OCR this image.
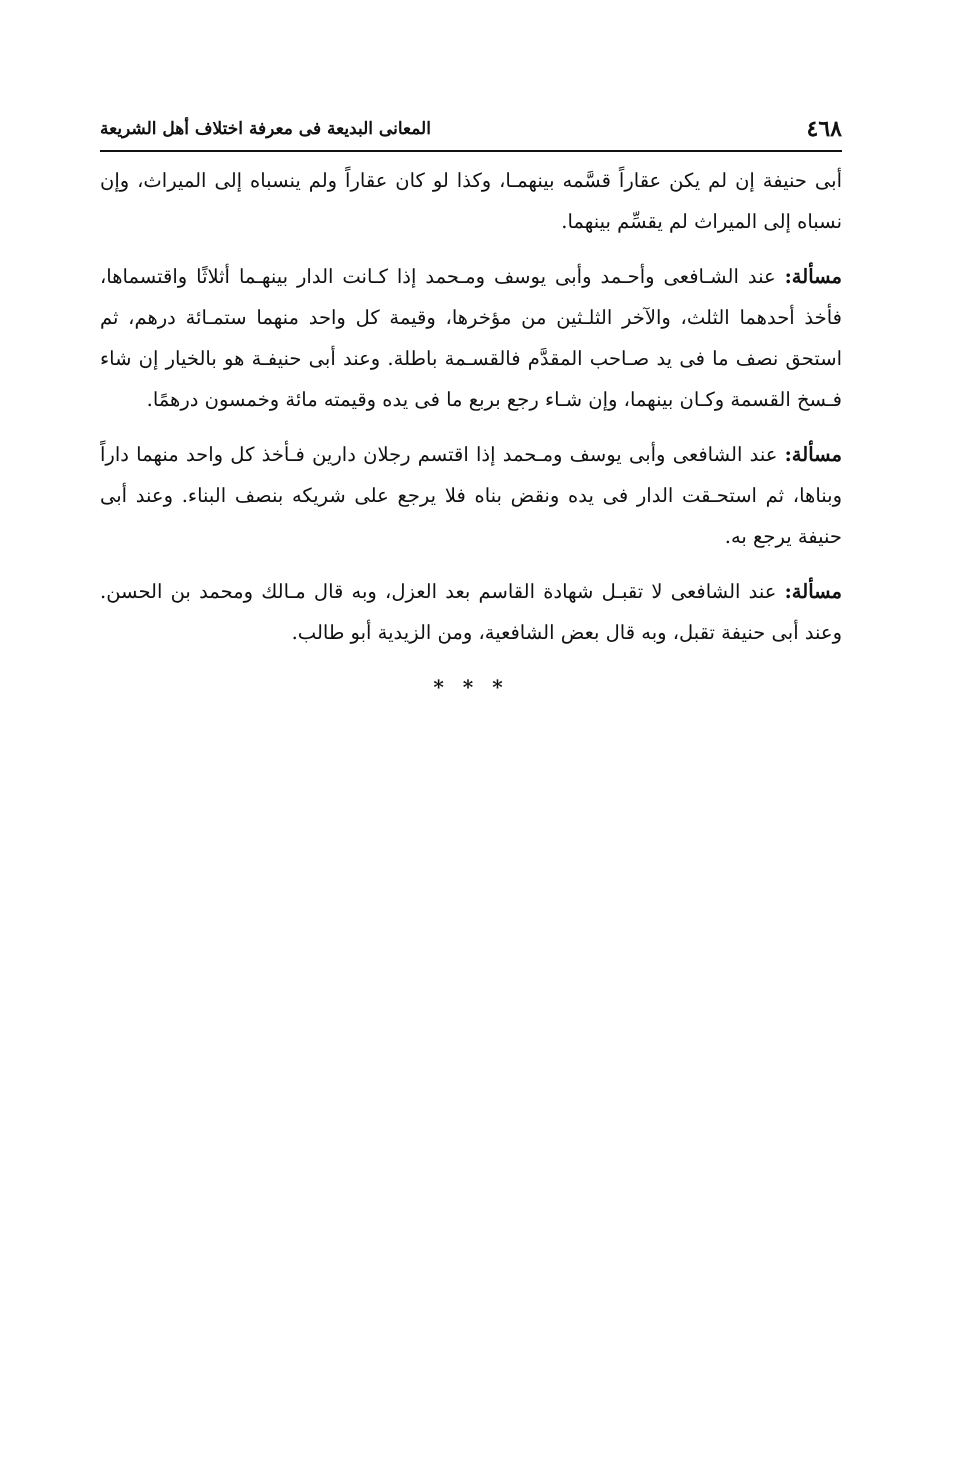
٤٦٨
المعانى البديعة فى معرفة اختلاف أهل الشريعة

أبى حنيفة إن لم يكن عقاراً قسَّمه بينهمـا، وكذا لو كان عقاراً ولم ينسباه إلى الميراث، وإن نسباه إلى الميراث لم يقسِّم بينهما.

مسألة: عند الشـافعى وأحـمد وأبى يوسف ومـحمد إذا كـانت الدار بينهـما أثلاثًا واقتسماها، فأخذ أحدهما الثلث، والآخر الثلـثين من مؤخرها، وقيمة كل واحد منهما ستمـائة درهم، ثم استحق نصف ما فى يد صـاحب المقدَّم فالقسـمة باطلة. وعند أبى حنيفـة هو بالخيار إن شاء فـسخ القسمة وكـان بينهما، وإن شـاء رجع بربع ما فى يده وقيمته مائة وخمسون درهمًا.

مسألة: عند الشافعى وأبى يوسف ومـحمد إذا اقتسم رجلان دارين فـأخذ كل واحد منهما داراً وبناها، ثم استحـقت الدار فى يده ونقض بناه فلا يرجع على شريكه بنصف البناء. وعند أبى حنيفة يرجع به.

مسألة: عند الشافعى لا تقبـل شهادة القاسم بعد العزل، وبه قال مـالك ومحمد بن الحسن. وعند أبى حنيفة تقبل، وبه قال بعض الشافعية، ومن الزيدية أبو طالب.

* * *
